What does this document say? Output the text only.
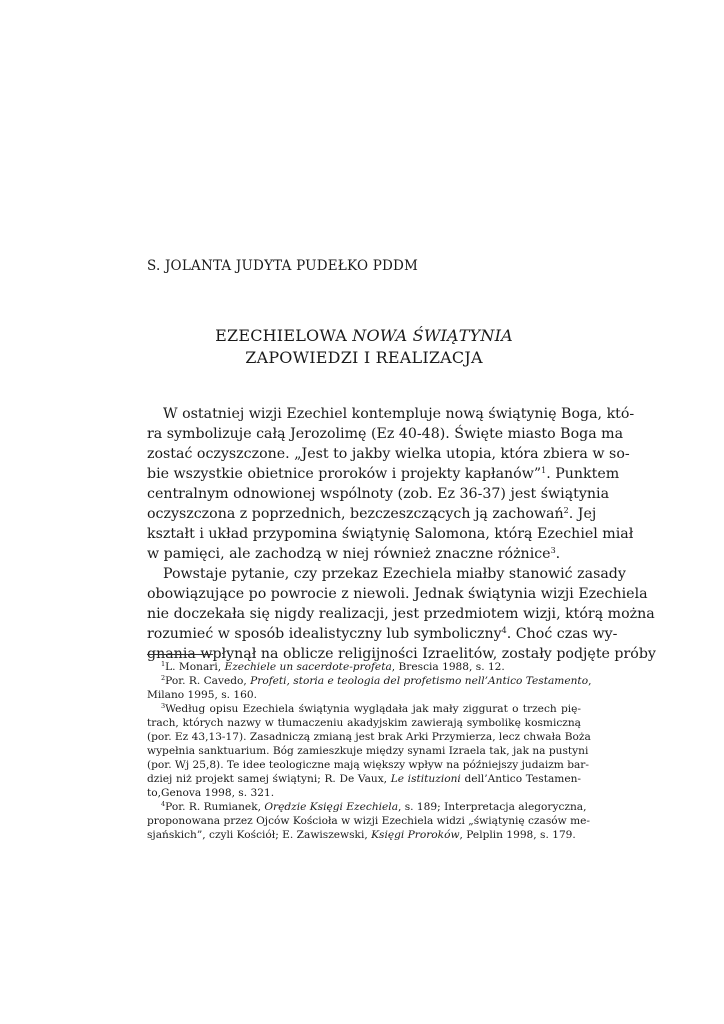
S. JOLANTA JUDYTA PUDEŁKO PDDM
EZECHIELOWA NOWA ŚWIĄTYNIA
ZAPOWIEDZI I REALIZACJA
W ostatniej wizji Ezechiel kontempluje nową świątynię Boga, któ-
ra symbolizuje całą Jerozolimę (Ez 40-48). Święte miasto Boga ma
zostać oczyszczone. „Jest to jakby wielka utopia, która zbiera w so-
bie wszystkie obietnice proroków i projekty kapłanów”$^1$. Punktem
centralnym odnowionej wspólnoty (zob. Ez 36-37) jest świątynia
oczyszczona z poprzednich, bezczeszczących ją zachowań$^2$. Jej
kształt i układ przypomina świątynię Salomona, którą Ezechiel miał
w pamięci, ale zachodzą w niej również znaczne różnice$^3$.
Powstaje pytanie, czy przekaz Ezechiela miałby stanowić zasady
obowiązujące po powrocie z niewoli. Jednak świątynia wizji Ezechiela
nie doczekała się nigdy realizacji, jest przedmiotem wizji, którą można
rozumieć w sposób idealistyczny lub symboliczny$^4$. Choć czas wy-
gnania wpłynął na oblicze religijności Izraelitów, zostały podjęte próby
$^1$L. Monari, Ezechiele un sacerdote-profeta, Brescia 1988, s. 12.
$^2$Por. R. Cavedo, Profeti, storia e teologia del profetismo nell’Antico Testamento,
Milano 1995, s. 160.
$^3$Według opisu Ezechiela świątynia wyglądała jak mały ziggurat o trzech pię-
trach, których nazwy w tłumaczeniu akadyjskim zawierają symbolikę kosmiczną
(por. Ez 43,13-17). Zasadniczą zmianą jest brak Arki Przymierza, lecz chwała Boża
wypełnia sanktuarium. Bóg zamieszkuje między synami Izraela tak, jak na pustyni
(por. Wj 25,8). Te idee teologiczne mają większy wpływ na późniejszy judaizm bar-
dziej niż projekt samej świątyni; R. De Vaux, Le istituzioni dell’Antico Testamen-
to,Genova 1998, s. 321.
$^4$Por. R. Rumianek, Orędzie Księgi Ezechiela, s. 189; Interpretacja alegoryczna,
proponowana przez Ojców Kościoła w wizji Ezechiela widzi „świątynię czasów me-
sjańskich”, czyli Kościół; E. Zawiszewski, Księgi Proroków, Pelplin 1998, s. 179.
